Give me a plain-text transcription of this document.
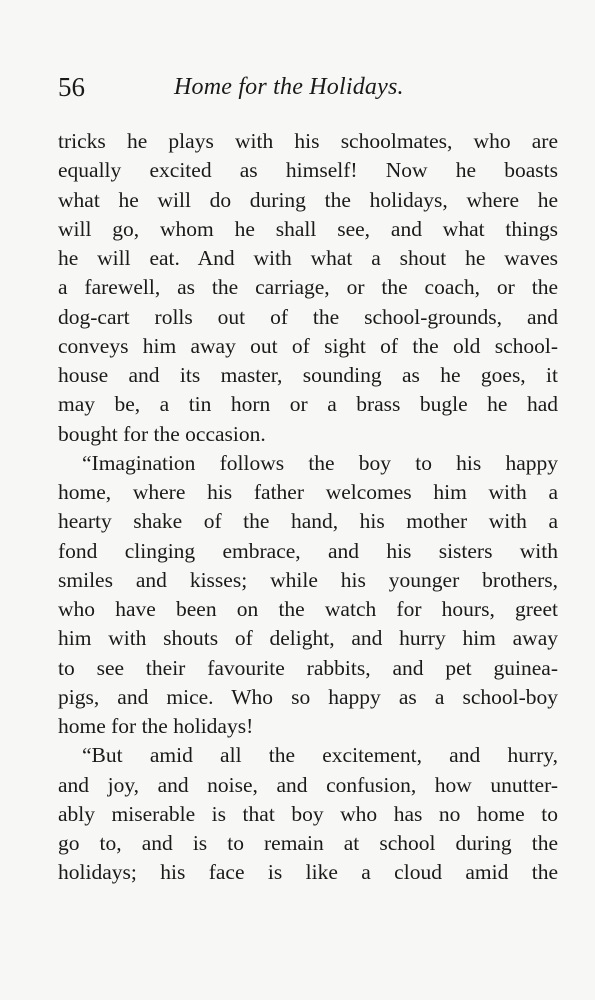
56	Home for the Holidays.
tricks he plays with his schoolmates, who are
equally excited as himself! Now he boasts
what he will do during the holidays, where he
will go, whom he shall see, and what things
he will eat. And with what a shout he waves
a farewell, as the carriage, or the coach, or the
dog-cart rolls out of the school-grounds, and
conveys him away out of sight of the old school-
house and its master, sounding as he goes, it
may be, a tin horn or a brass bugle he had
bought for the occasion.
“Imagination follows the boy to his happy
home, where his father welcomes him with a
hearty shake of the hand, his mother with a
fond clinging embrace, and his sisters with
smiles and kisses; while his younger brothers,
who have been on the watch for hours, greet
him with shouts of delight, and hurry him away
to see their favourite rabbits, and pet guinea-
pigs, and mice. Who so happy as a school-boy
home for the holidays!
“But amid all the excitement, and hurry,
and joy, and noise, and confusion, how unutter-
ably miserable is that boy who has no home to
go to, and is to remain at school during the
holidays; his face is like a cloud amid the
